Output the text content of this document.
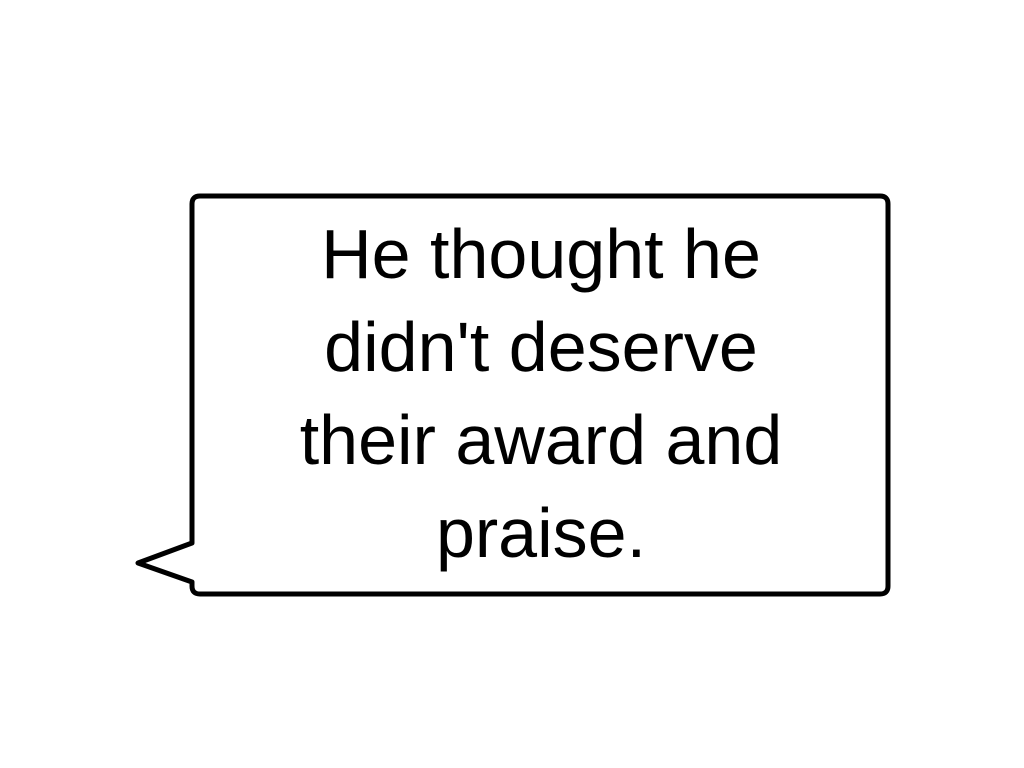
He thought he didn't deserve their award and praise.
